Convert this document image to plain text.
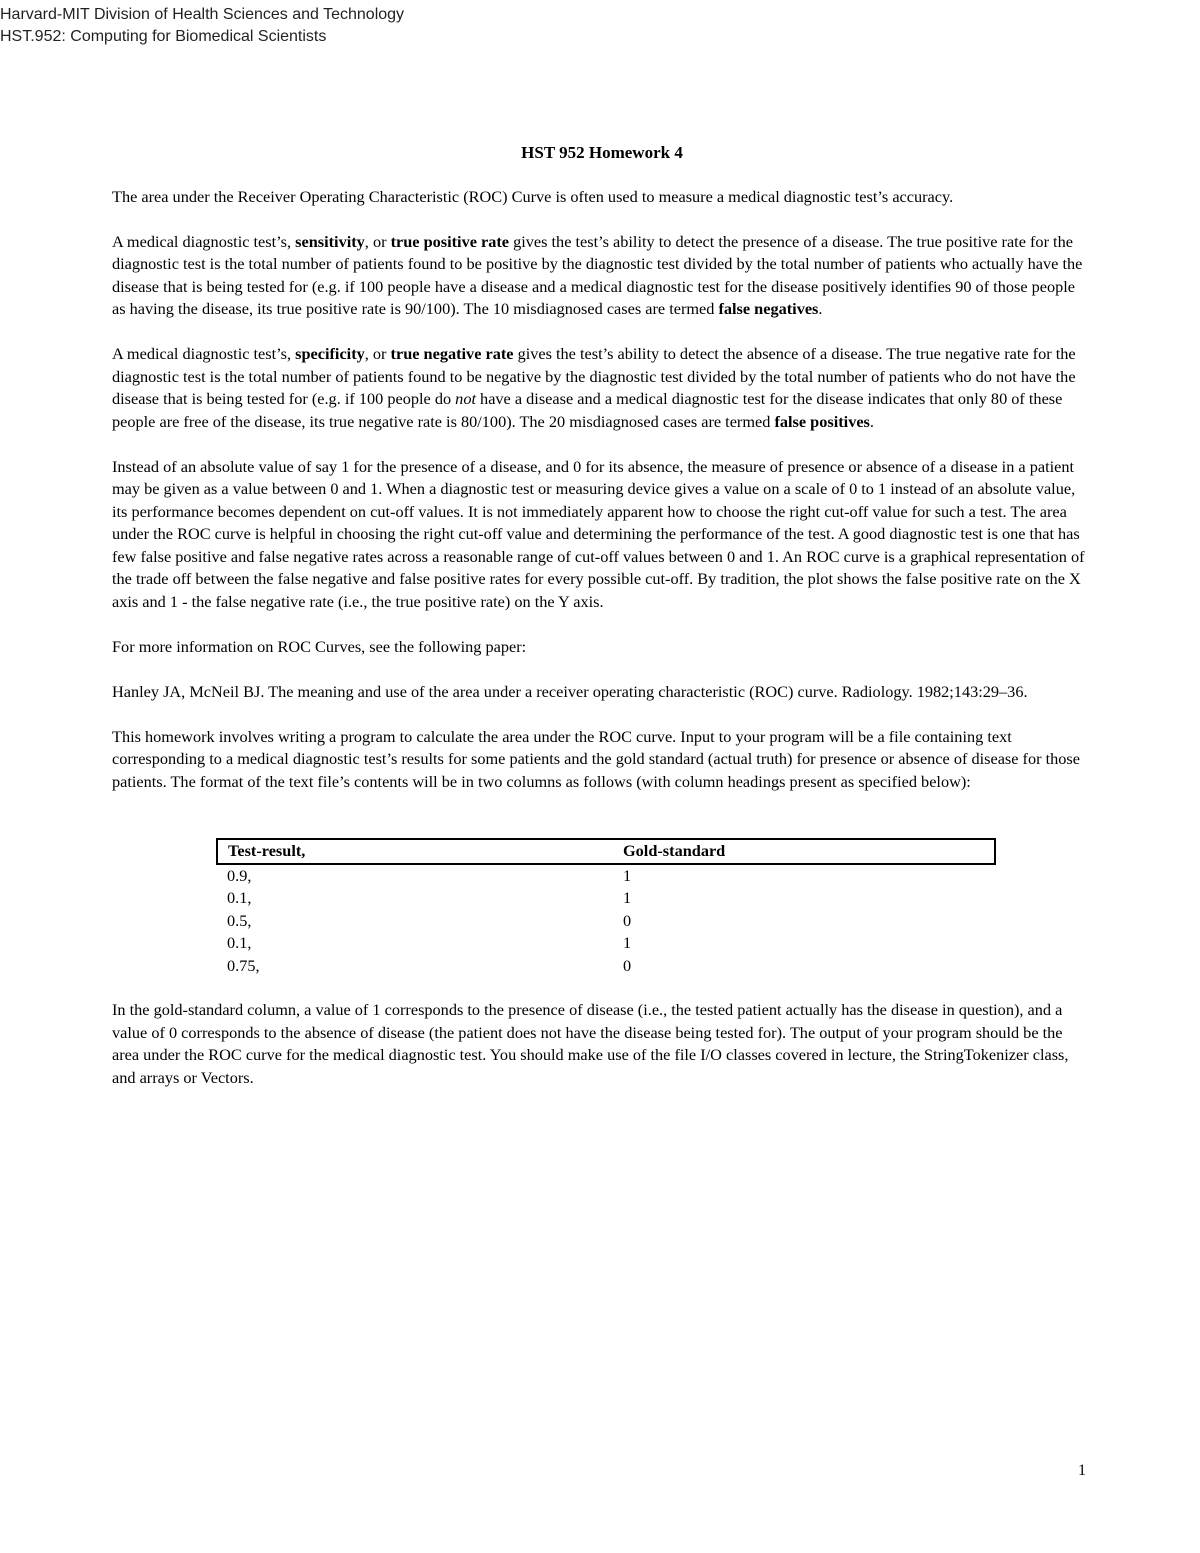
Harvard-MIT Division of Health Sciences and Technology
HST.952: Computing for Biomedical Scientists
HST 952 Homework 4

The area under the Receiver Operating Characteristic (ROC) Curve is often used to measure a medical diagnostic test’s accuracy.

A medical diagnostic test’s, sensitivity, or true positive rate gives the test’s ability to detect the presence of a disease. The true positive rate for the diagnostic test is the total number of patients found to be positive by the diagnostic test divided by the total number of patients who actually have the disease that is being tested for (e.g. if 100 people have a disease and a medical diagnostic test for the disease positively identifies 90 of those people as having the disease, its true positive rate is 90/100). The 10 misdiagnosed cases are termed false negatives.

A medical diagnostic test’s, specificity, or true negative rate gives the test’s ability to detect the absence of a disease. The true negative rate for the diagnostic test is the total number of patients found to be negative by the diagnostic test divided by the total number of patients who do not have the disease that is being tested for (e.g. if 100 people do not have a disease and a medical diagnostic test for the disease indicates that only 80 of these people are free of the disease, its true negative rate is 80/100). The 20 misdiagnosed cases are termed false positives.

Instead of an absolute value of say 1 for the presence of a disease, and 0 for its absence, the measure of presence or absence of a disease in a patient may be given as a value between 0 and 1. When a diagnostic test or measuring device gives a value on a scale of 0 to 1 instead of an absolute value, its performance becomes dependent on cut-off values. It is not immediately apparent how to choose the right cut-off value for such a test. The area under the ROC curve is helpful in choosing the right cut-off value and determining the performance of the test. A good diagnostic test is one that has few false positive and false negative rates across a reasonable range of cut-off values between 0 and 1. An ROC curve is a graphical representation of the trade off between the false negative and false positive rates for every possible cut-off. By tradition, the plot shows the false positive rate on the X axis and 1 - the false negative rate (i.e., the true positive rate) on the Y axis.

For more information on ROC Curves, see the following paper:

Hanley JA, McNeil BJ. The meaning and use of the area under a receiver operating characteristic (ROC) curve. Radiology. 1982;143:29–36.

This homework involves writing a program to calculate the area under the ROC curve. Input to your program will be a file containing text corresponding to a medical diagnostic test’s results for some patients and the gold standard (actual truth) for presence or absence of disease for those patients. The format of the text file’s contents will be in two columns as follows (with column headings present as specified below):

Test-result,	Gold-standard
0.9,	1
0.1,	1
0.5,	0
0.1,	1
0.75,	0

In the gold-standard column, a value of 1 corresponds to the presence of disease (i.e., the tested patient actually has the disease in question), and a value of 0 corresponds to the absence of disease (the patient does not have the disease being tested for). The output of your program should be the area under the ROC curve for the medical diagnostic test. You should make use of the file I/O classes covered in lecture, the StringTokenizer class, and arrays or Vectors.

1
